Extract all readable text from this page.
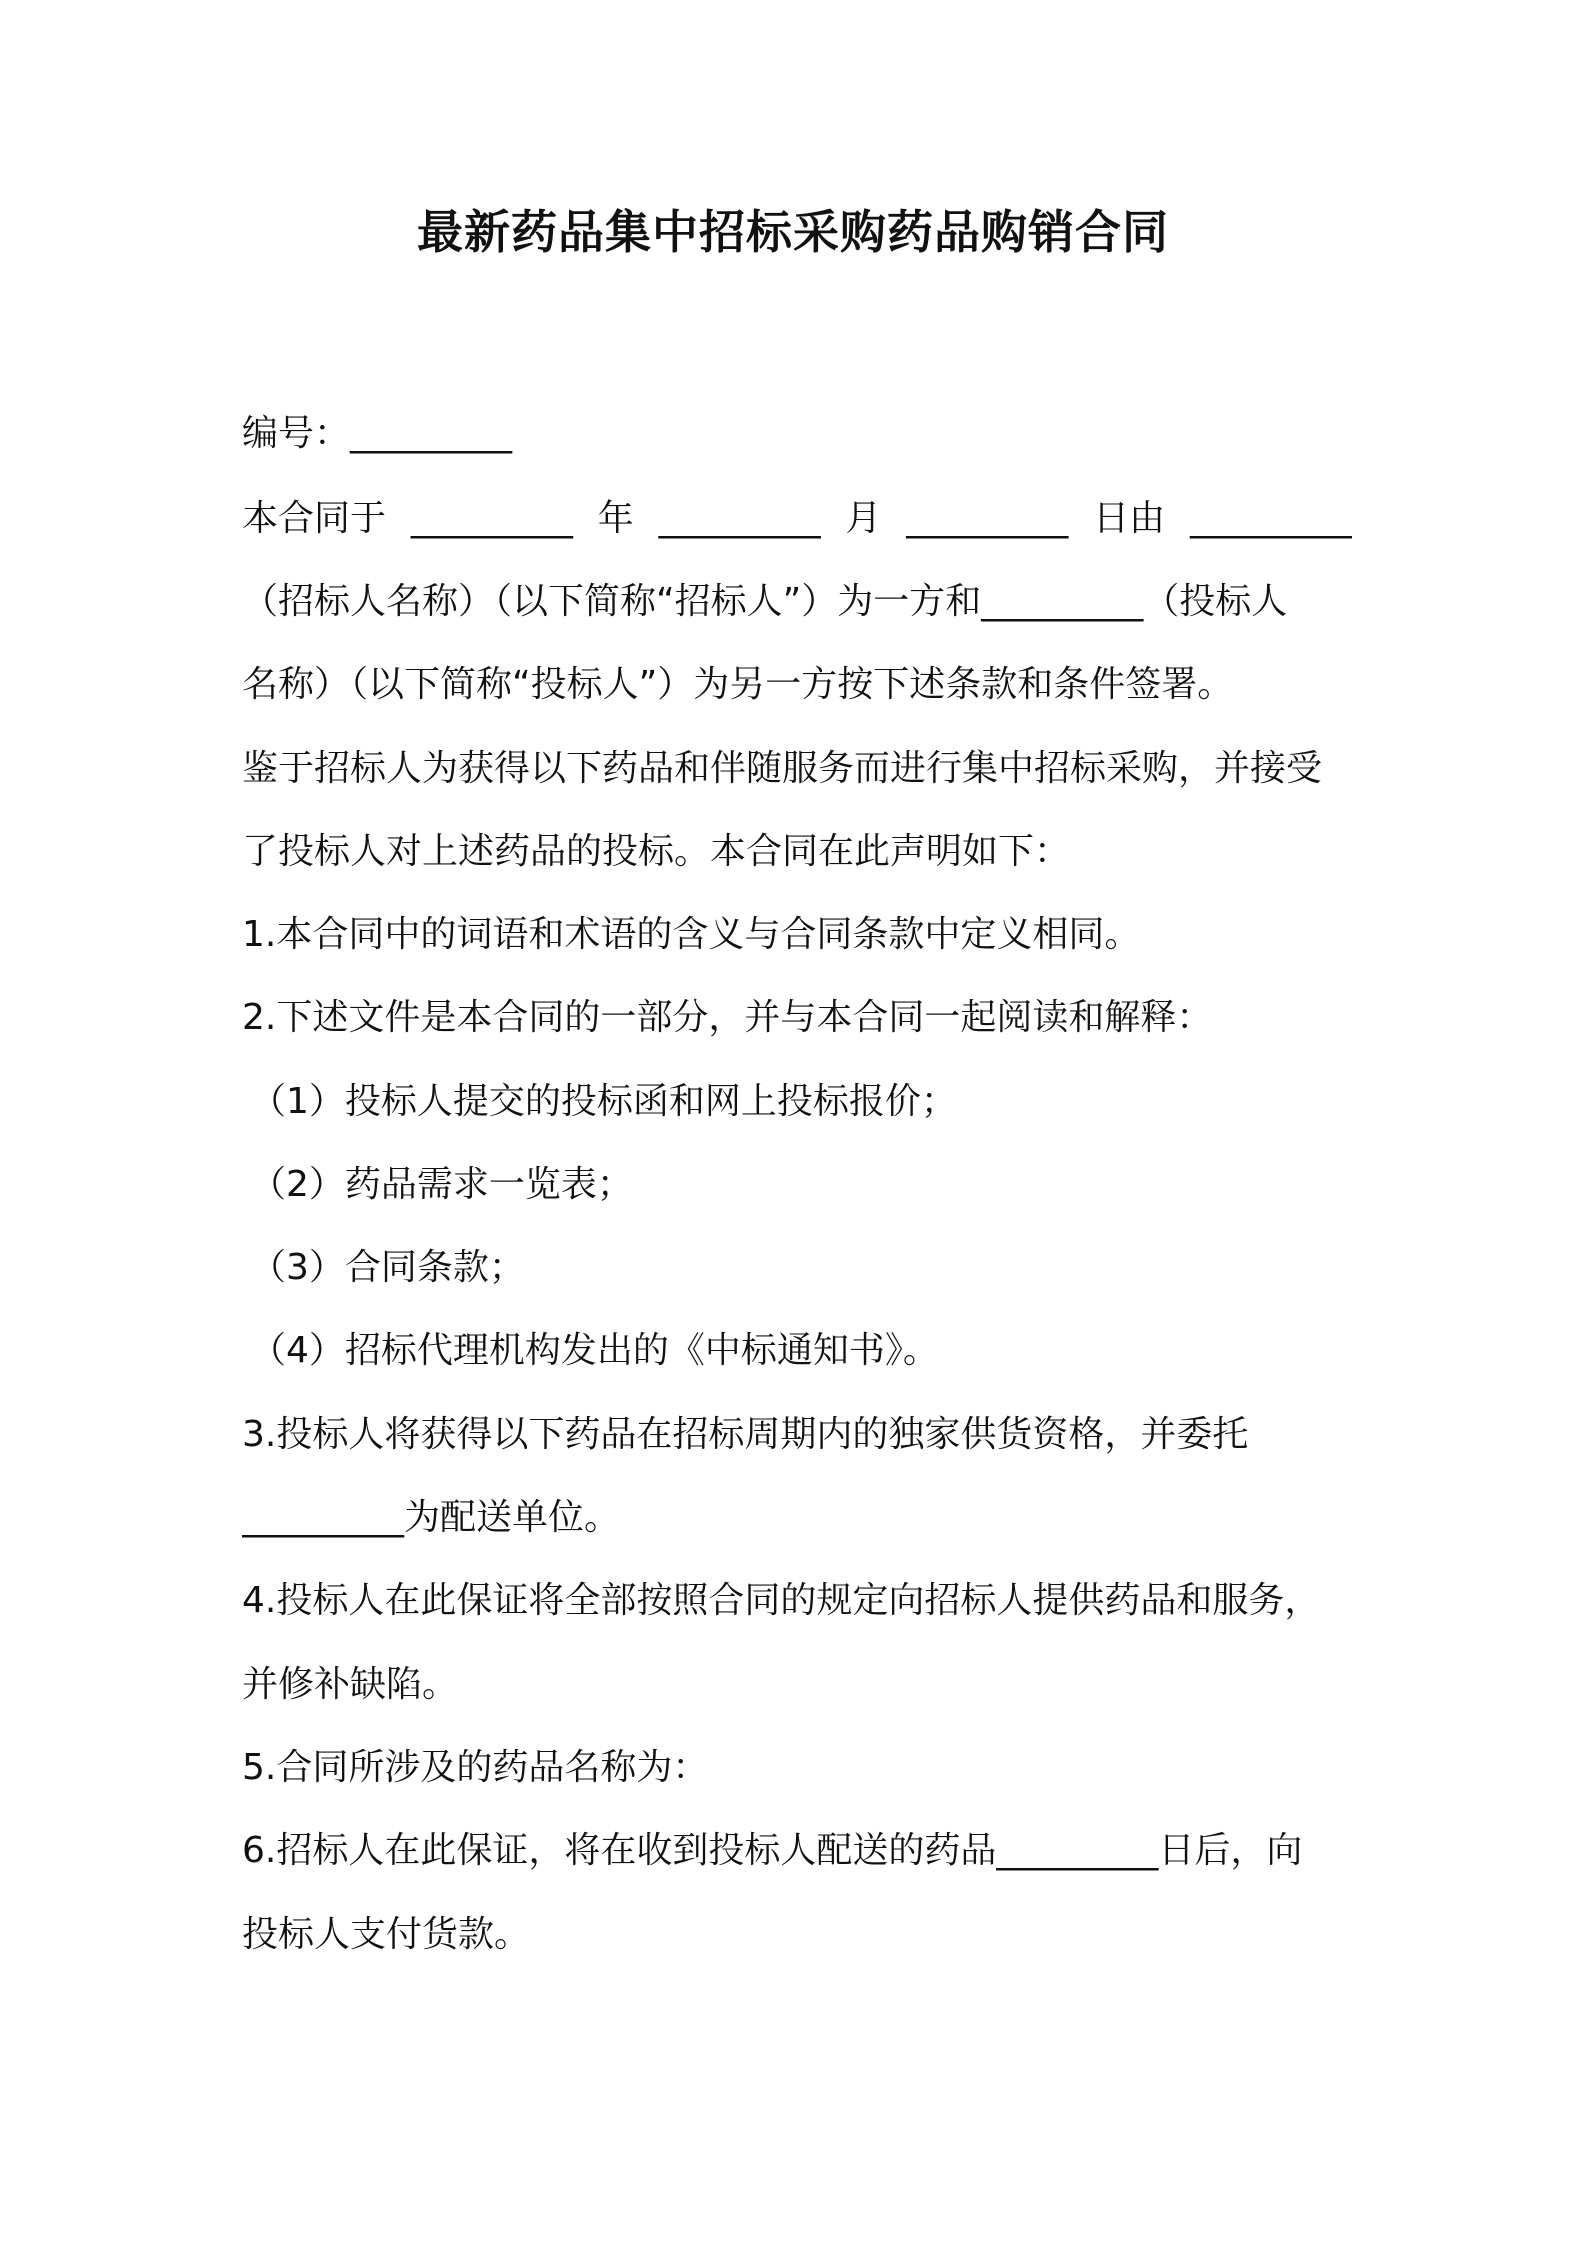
最新药品集中招标采购药品购销合同
编号：_________
本合同于 _________ 年 _________ 月 _________ 日由 _________
（招标人名称）（以下简称“招标人”）为一方和_________（投标人
名称）（以下简称“投标人”）为另一方按下述条款和条件签署。
鉴于招标人为获得以下药品和伴随服务而进行集中招标采购，并接受
了投标人对上述药品的投标。本合同在此声明如下：
1.本合同中的词语和术语的含义与合同条款中定义相同。
2.下述文件是本合同的一部分，并与本合同一起阅读和解释：
（1）投标人提交的投标函和网上投标报价；
（2）药品需求一览表；
（3）合同条款；
（4）招标代理机构发出的《中标通知书》。
3.投标人将获得以下药品在招标周期内的独家供货资格，并委托
_________为配送单位。
4.投标人在此保证将全部按照合同的规定向招标人提供药品和服务，
并修补缺陷。
5.合同所涉及的药品名称为：
6.招标人在此保证，将在收到投标人配送的药品_________日后，向
投标人支付货款。
